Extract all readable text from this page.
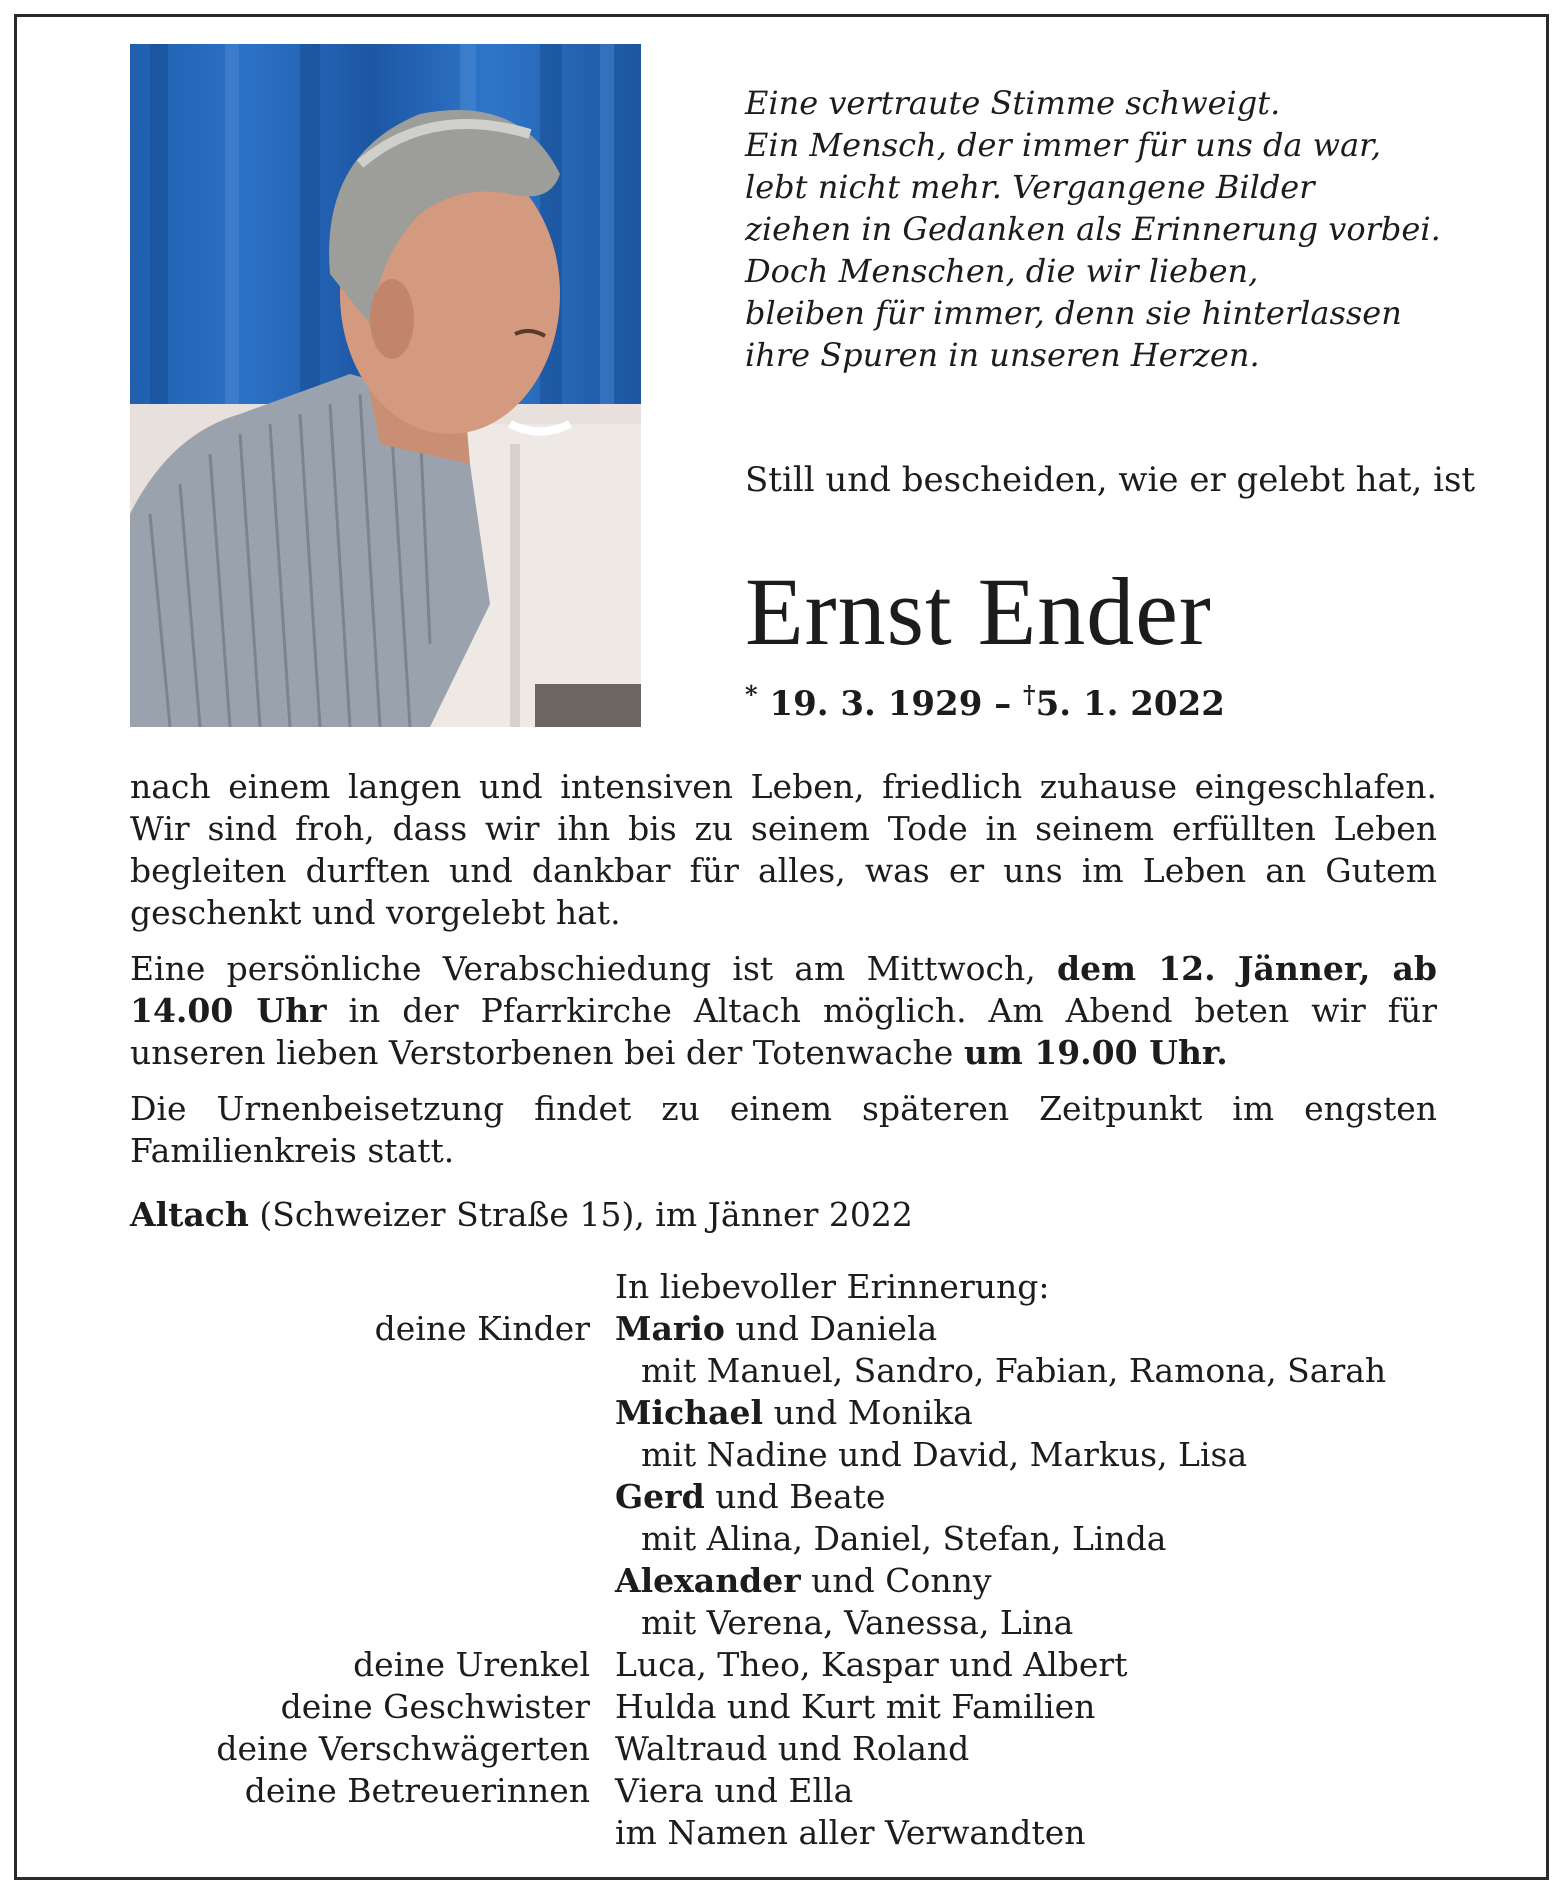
Eine vertraute Stimme schweigt.
Ein Mensch, der immer für uns da war,
lebt nicht mehr. Vergangene Bilder
ziehen in Gedanken als Erinnerung vorbei.
Doch Menschen, die wir lieben,
bleiben für immer, denn sie hinterlassen
ihre Spuren in unseren Herzen.
Still und bescheiden, wie er gelebt hat, ist
Ernst Ender
* 19. 3. 1929 – †5. 1. 2022
nach einem langen und intensiven Leben, friedlich zuhause eingeschlafen. Wir sind froh, dass wir ihn bis zu seinem Tode in seinem erfüllten Leben begleiten durften und dankbar für alles, was er uns im Leben an Gutem geschenkt und vorgelebt hat.
Eine persönliche Verabschiedung ist am Mittwoch, dem 12. Jänner, ab 14.00 Uhr in der Pfarrkirche Altach möglich. Am Abend beten wir für unseren lieben Verstorbenen bei der Totenwache um 19.00 Uhr.
Die Urnenbeisetzung findet zu einem späteren Zeitpunkt im engsten Familienkreis statt.
Altach (Schweizer Straße 15), im Jänner 2022
In liebevoller Erinnerung:
deine Kinder Mario und Daniela
mit Manuel, Sandro, Fabian, Ramona, Sarah
Michael und Monika
mit Nadine und David, Markus, Lisa
Gerd und Beate
mit Alina, Daniel, Stefan, Linda
Alexander und Conny
mit Verena, Vanessa, Lina
deine Urenkel Luca, Theo, Kaspar und Albert
deine Geschwister Hulda und Kurt mit Familien
deine Verschwägerten Waltraud und Roland
deine Betreuerinnen Viera und Ella
im Namen aller Verwandten
